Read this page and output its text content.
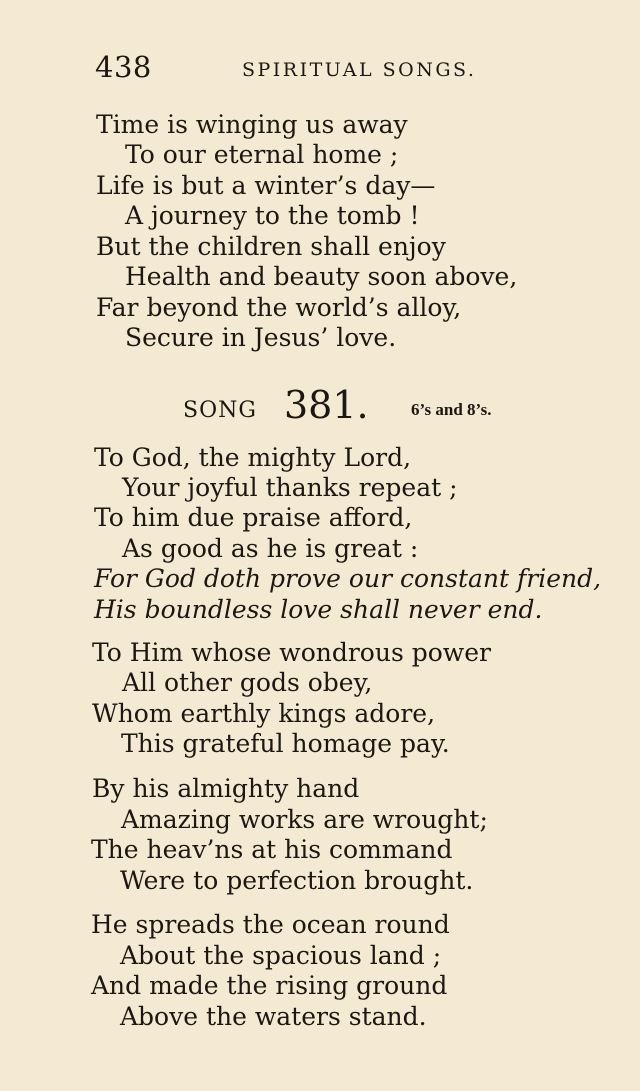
438	SPIRITUAL SONGS.
Time is winging us away
To our eternal home ;
Life is but a winter’s day—
A journey to the tomb !
But the children shall enjoy
Health and beauty soon above,
Far beyond the world’s alloy,
Secure in Jesus’ love.
SONG 381. 6’s and 8’s.
To God, the mighty Lord,
Your joyful thanks repeat ;
To him due praise afford,
As good as he is great :
For God doth prove our constant friend,
His boundless love shall never end.
To Him whose wondrous power
All other gods obey,
Whom earthly kings adore,
This grateful homage pay.
By his almighty hand
Amazing works are wrought;
The heav’ns at his command
Were to perfection brought.
He spreads the ocean round
About the spacious land ;
And made the rising ground
Above the waters stand.
